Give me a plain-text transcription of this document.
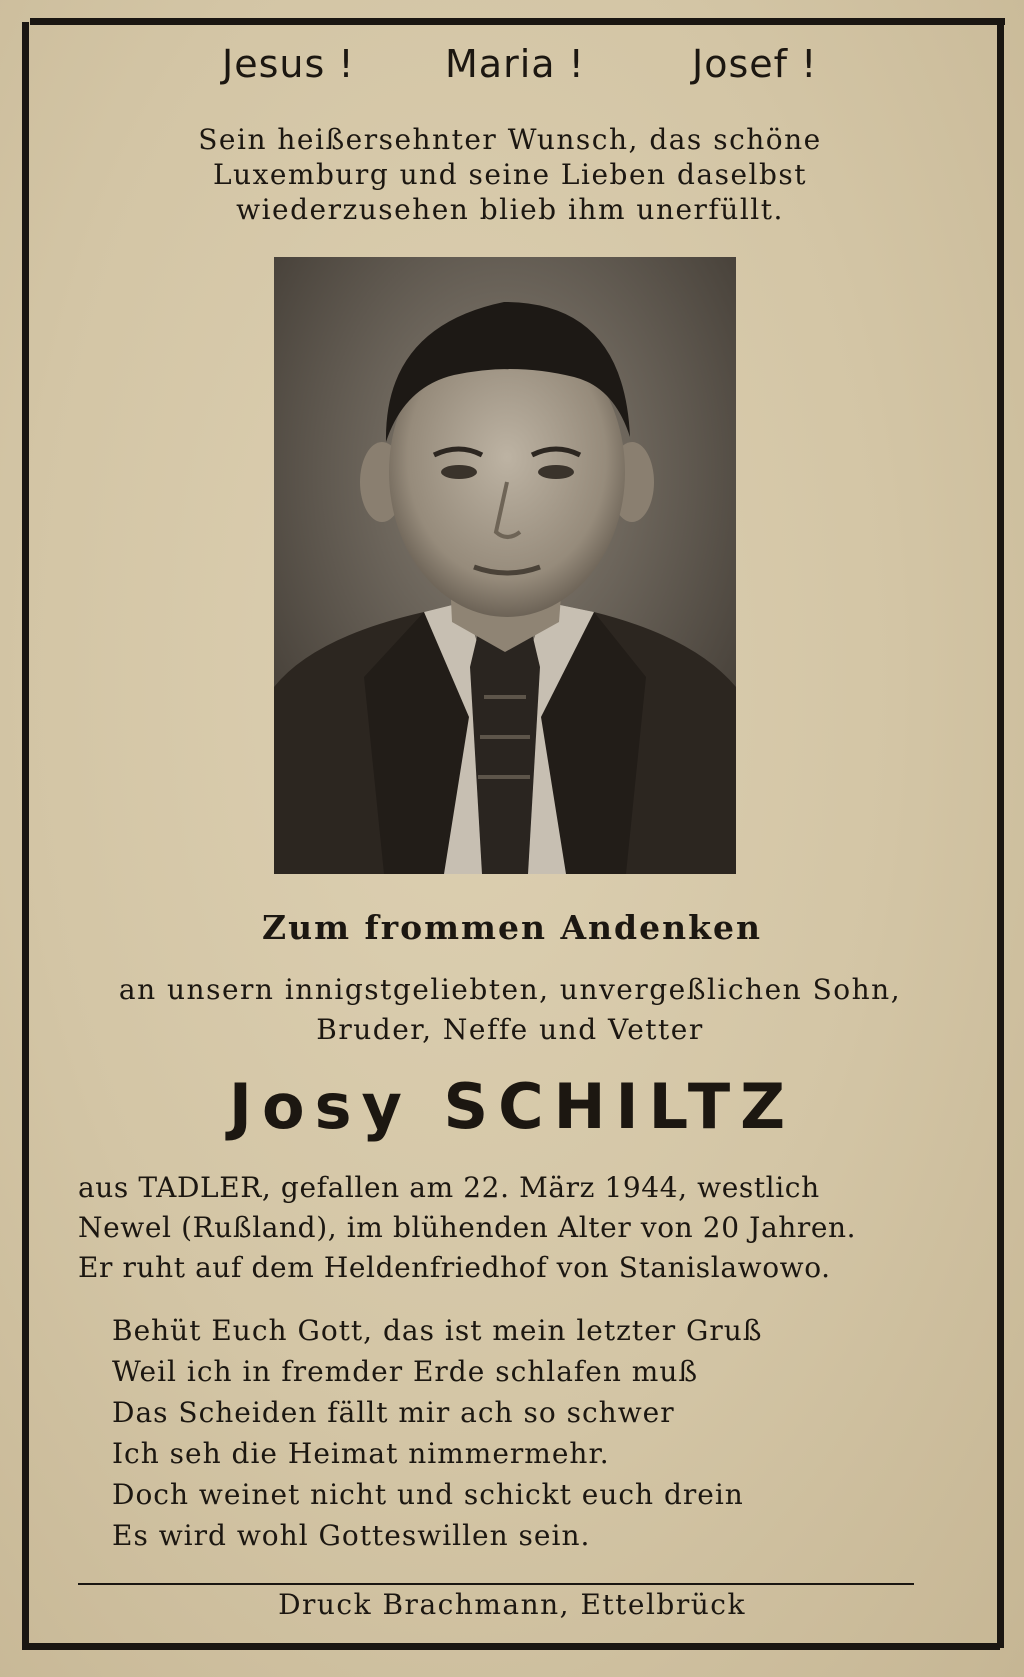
Jesus ! Maria !	Josef !
Sein heißersehnter Wunsch, das schöne
Luxemburg und seine Lieben daselbst
wiederzusehen blieb ihm unerfüllt.
Zum frommen Andenken
an unsern innigstgeliebten, unvergeßlichen Sohn,
Bruder, Neffe und Vetter
Josy SCHILTZ
aus TADLER, gefallen am 22. März 1944, westlich
Newel (Rußland), im blühenden Alter von 20 Jahren.
Er ruht auf dem Heldenfriedhof von Stanislawowo.
Behüt Euch Gott, das ist mein letzter Gruß
Weil ich in fremder Erde schlafen muß
Das Scheiden fällt mir ach so schwer
Ich seh die Heimat nimmermehr.
Doch weinet nicht und schickt euch drein
Es wird wohl Gotteswillen sein.
Druck Brachmann, Ettelbrück
